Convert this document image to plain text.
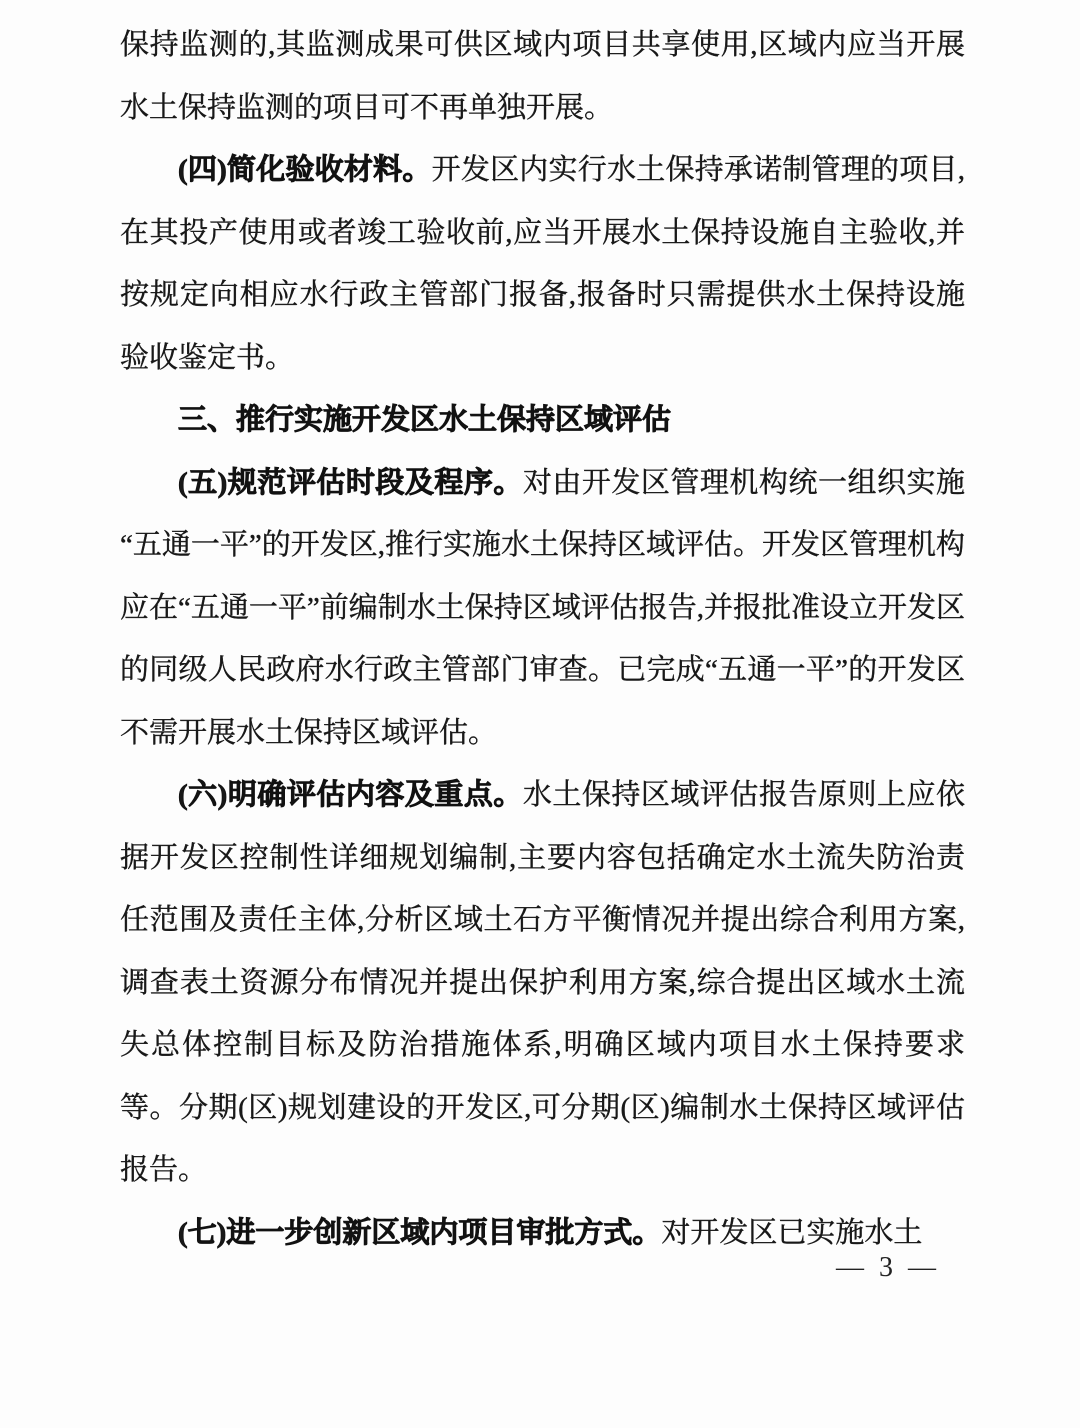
保持监测的,其监测成果可供区域内项目共享使用,区域内应当开展水土保持监测的项目可不再单独开展。

(四)简化验收材料。开发区内实行水土保持承诺制管理的项目,在其投产使用或者竣工验收前,应当开展水土保持设施自主验收,并按规定向相应水行政主管部门报备,报备时只需提供水土保持设施验收鉴定书。

三、推行实施开发区水土保持区域评估

(五)规范评估时段及程序。对由开发区管理机构统一组织实施“五通一平”的开发区,推行实施水土保持区域评估。开发区管理机构应在“五通一平”前编制水土保持区域评估报告,并报批准设立开发区的同级人民政府水行政主管部门审查。已完成“五通一平”的开发区不需开展水土保持区域评估。

(六)明确评估内容及重点。水土保持区域评估报告原则上应依据开发区控制性详细规划编制,主要内容包括确定水土流失防治责任范围及责任主体,分析区域土石方平衡情况并提出综合利用方案,调查表土资源分布情况并提出保护利用方案,综合提出区域水土流失总体控制目标及防治措施体系,明确区域内项目水土保持要求等。分期(区)规划建设的开发区,可分期(区)编制水土保持区域评估报告。

(七)进一步创新区域内项目审批方式。对开发区已实施水土

— 3 —
